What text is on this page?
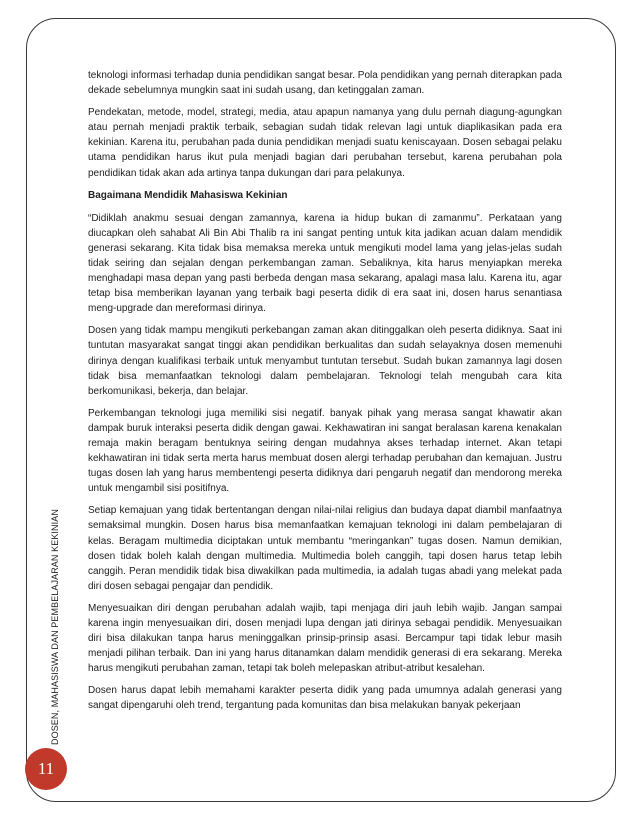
DOSEN, MAHASISWA DAN PEMBELAJARAN KEKINIAN
11

teknologi informasi terhadap dunia pendidikan sangat besar. Pola pendidikan yang pernah diterapkan pada dekade sebelumnya mungkin saat ini sudah usang, dan ketinggalan zaman.

Pendekatan, metode, model, strategi, media, atau apapun namanya yang dulu pernah diagung-agungkan atau pernah menjadi praktik terbaik, sebagian sudah tidak relevan lagi untuk diaplikasikan pada era kekinian. Karena itu, perubahan pada dunia pendidikan menjadi suatu keniscayaan. Dosen sebagai pelaku utama pendidikan harus ikut pula menjadi bagian dari perubahan tersebut, karena perubahan pola pendidikan tidak akan ada artinya tanpa dukungan dari para pelakunya.

Bagaimana Mendidik Mahasiswa Kekinian

“Didiklah anakmu sesuai dengan zamannya, karena ia hidup bukan di zamanmu”. Perkataan yang diucapkan oleh sahabat Ali Bin Abi Thalib ra ini sangat penting untuk kita jadikan acuan dalam mendidik generasi sekarang. Kita tidak bisa memaksa mereka untuk mengikuti model lama yang jelas-jelas sudah tidak seiring dan sejalan dengan perkembangan zaman. Sebaliknya, kita harus menyiapkan mereka menghadapi masa depan yang pasti berbeda dengan masa sekarang, apalagi masa lalu. Karena itu, agar tetap bisa memberikan layanan yang terbaik bagi peserta didik di era saat ini, dosen harus senantiasa meng-upgrade dan mereformasi dirinya.

Dosen yang tidak mampu mengikuti perkebangan zaman akan ditinggalkan oleh peserta didiknya. Saat ini tuntutan masyarakat sangat tinggi akan pendidikan berkualitas dan sudah selayaknya dosen memenuhi dirinya dengan kualifikasi terbaik untuk menyambut tuntutan tersebut. Sudah bukan zamannya lagi dosen tidak bisa memanfaatkan teknologi dalam pembelajaran. Teknologi telah mengubah cara kita berkomunikasi, bekerja, dan belajar.

Perkembangan teknologi juga memiliki sisi negatif. banyak pihak yang merasa sangat khawatir akan dampak buruk interaksi peserta didik dengan gawai. Kekhawatiran ini sangat beralasan karena kenakalan remaja makin beragam bentuknya seiring dengan mudahnya akses terhadap internet. Akan tetapi kekhawatiran ini tidak serta merta harus membuat dosen alergi terhadap perubahan dan kemajuan. Justru tugas dosen lah yang harus membentengi peserta didiknya dari pengaruh negatif dan mendorong mereka untuk mengambil sisi positifnya.

Setiap kemajuan yang tidak bertentangan dengan nilai-nilai religius dan budaya dapat diambil manfaatnya semaksimal mungkin. Dosen harus bisa memanfaatkan kemajuan teknologi ini dalam pembelajaran di kelas. Beragam multimedia diciptakan untuk membantu “meringankan” tugas dosen. Namun demikian, dosen tidak boleh kalah dengan multimedia. Multimedia boleh canggih, tapi dosen harus tetap lebih canggih. Peran mendidik tidak bisa diwakilkan pada multimedia, ia adalah tugas abadi yang melekat pada diri dosen sebagai pengajar dan pendidik.

Menyesuaikan diri dengan perubahan adalah wajib, tapi menjaga diri jauh lebih wajib. Jangan sampai karena ingin menyesuaikan diri, dosen menjadi lupa dengan jati dirinya sebagai pendidik. Menyesuaikan diri bisa dilakukan tanpa harus meninggalkan prinsip-prinsip asasi. Bercampur tapi tidak lebur masih menjadi pilihan terbaik. Dan ini yang harus ditanamkan dalam mendidik generasi di era sekarang. Mereka harus mengikuti perubahan zaman, tetapi tak boleh melepaskan atribut-atribut kesalehan.

Dosen harus dapat lebih memahami karakter peserta didik yang pada umumnya adalah generasi yang sangat dipengaruhi oleh trend, tergantung pada komunitas dan bisa melakukan banyak pekerjaan
